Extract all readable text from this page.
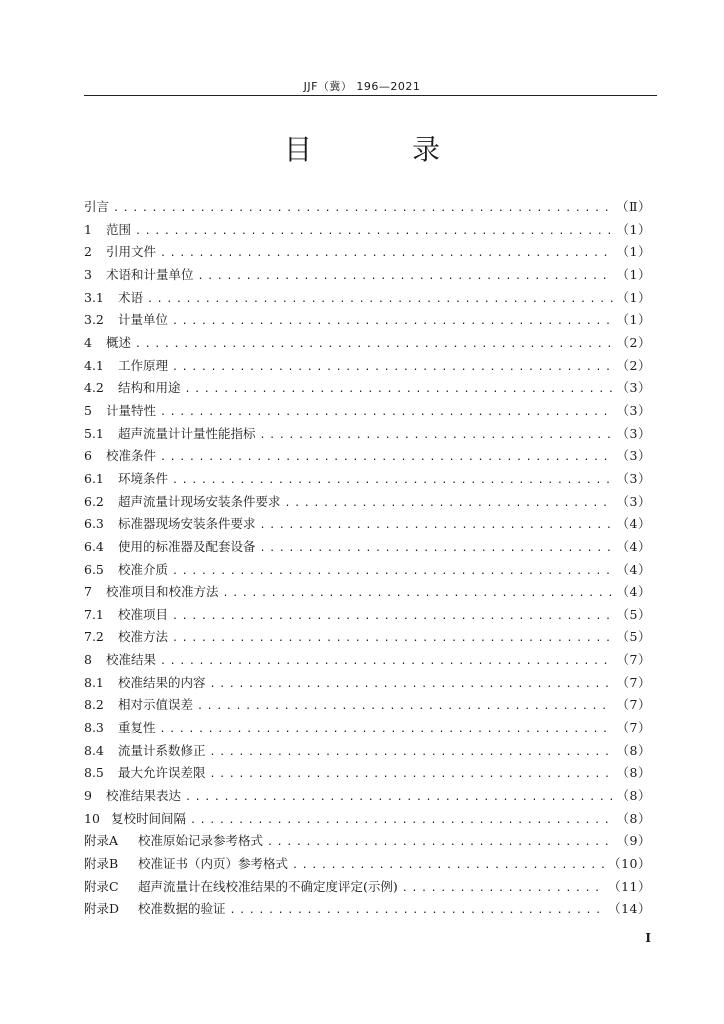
JJF（冀） 196—2021
目　录
引言 .....	（Ⅱ）
1	范围 .....	（1）
2	引用文件 .....	（1）
3	术语和计量单位 .....	（1）
3.1	术语 .....	（1）
3.2	计量单位 .....	（1）
4	概述 .....	（2）
4.1	工作原理 .....	（2）
4.2	结构和用途 .....	（3）
5	计量特性 .....	（3）
5.1	超声流量计计量性能指标 .....	（3）
6	校准条件 .....	（3）
6.1	环境条件 .....	（3）
6.2	超声流量计现场安装条件要求 .....	（3）
6.3	标准器现场安装条件要求 .....	（4）
6.4	使用的标准器及配套设备 .....	（4）
6.5	校准介质 .....	（4）
7	校准项目和校准方法 .....	（4）
7.1	校准项目 .....	（5）
7.2	校准方法 .....	（5）
8	校准结果 .....	（7）
8.1	校准结果的内容 .....	（7）
8.2	相对示值误差 .....	（7）
8.3	重复性 .....	（7）
8.4	流量计系数修正 .....	（8）
8.5	最大允许误差限 .....	（8）
9	校准结果表达 .....	（8）
10 复校时间间隔 .....	（8）
附录A	校准原始记录参考格式 .....	（9）
附录B	校准证书（内页）参考格式 .....	（10）
附录C	超声流量计在线校准结果的不确定度评定(示例) .....	（11）
附录D	校准数据的验证 .....	（14）
I
